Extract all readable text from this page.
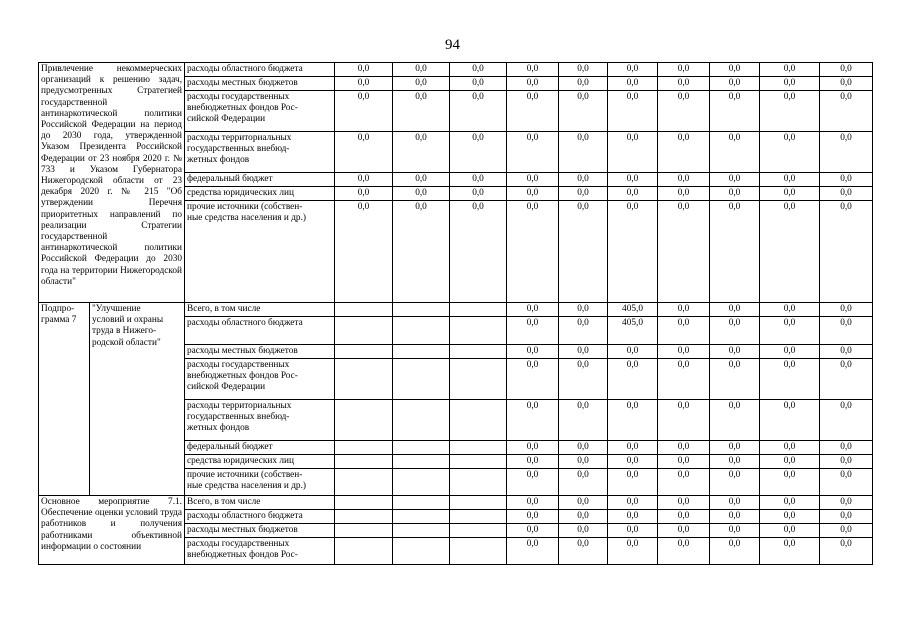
94
Привлечение некоммерческих организаций к решению задач, предусмотренных Стратегией государственной антинаркотической политики Российской Федерации на период до 2030 года, утвержденной Указом Президента Российской Федерации от 23 ноября 2020 г. № 733 и Указом Губернатора Нижегородской области от 23 декабря 2020 г. № 215 "Об утверждении Перечня приоритетных направлений по реализации Стратегии государственной антинаркотической политики Российской Федерации до 2030 года на территории Нижегородской области"		расходы областного бюджета	0,0	0,0	0,0	0,0	0,0	0,0	0,0	0,0	0,0	0,0
		расходы местных бюджетов	0,0	0,0	0,0	0,0	0,0	0,0	0,0	0,0	0,0	0,0
		расходы государственных
внебюджетных фондов Рос-
сийской Федерации	0,0	0,0	0,0	0,0	0,0	0,0	0,0	0,0	0,0	0,0
		расходы территориальных
государственных внебюд-
жетных фондов	0,0	0,0	0,0	0,0	0,0	0,0	0,0	0,0	0,0	0,0
		федеральный бюджет	0,0	0,0	0,0	0,0	0,0	0,0	0,0	0,0	0,0	0,0
		средства юридических лиц	0,0	0,0	0,0	0,0	0,0	0,0	0,0	0,0	0,0	0,0
		прочие источники (собствен-
ные средства населения и др.)	0,0	0,0	0,0	0,0	0,0	0,0	0,0	0,0	0,0	0,0
Подпро-
грамма 7	"Улучшение
условий и охраны
труда в Нижего-
родской области"	Всего, в том числе				0,0	0,0	405,0	0,0	0,0	0,0	0,0
		расходы областного бюджета				0,0	0,0	405,0	0,0	0,0	0,0	0,0
		расходы местных бюджетов				0,0	0,0	0,0	0,0	0,0	0,0	0,0
		расходы государственных
внебюджетных фондов Рос-
сийской Федерации				0,0	0,0	0,0	0,0	0,0	0,0	0,0
		расходы территориальных
государственных внебюд-
жетных фондов				0,0	0,0	0,0	0,0	0,0	0,0	0,0
		федеральный бюджет				0,0	0,0	0,0	0,0	0,0	0,0	0,0
		средства юридических лиц				0,0	0,0	0,0	0,0	0,0	0,0	0,0
		прочие источники (собствен-
ные средства населения и др.)				0,0	0,0	0,0	0,0	0,0	0,0	0,0
Основное мероприятие 7.1. Обеспечение оценки условий труда работников и получения работниками объективной информации о состоянии		Всего, в том числе				0,0	0,0	0,0	0,0	0,0	0,0	0,0
		расходы областного бюджета				0,0	0,0	0,0	0,0	0,0	0,0	0,0
		расходы местных бюджетов				0,0	0,0	0,0	0,0	0,0	0,0	0,0
		расходы государственных
внебюджетных фондов Рос-				0,0	0,0	0,0	0,0	0,0	0,0	0,0
